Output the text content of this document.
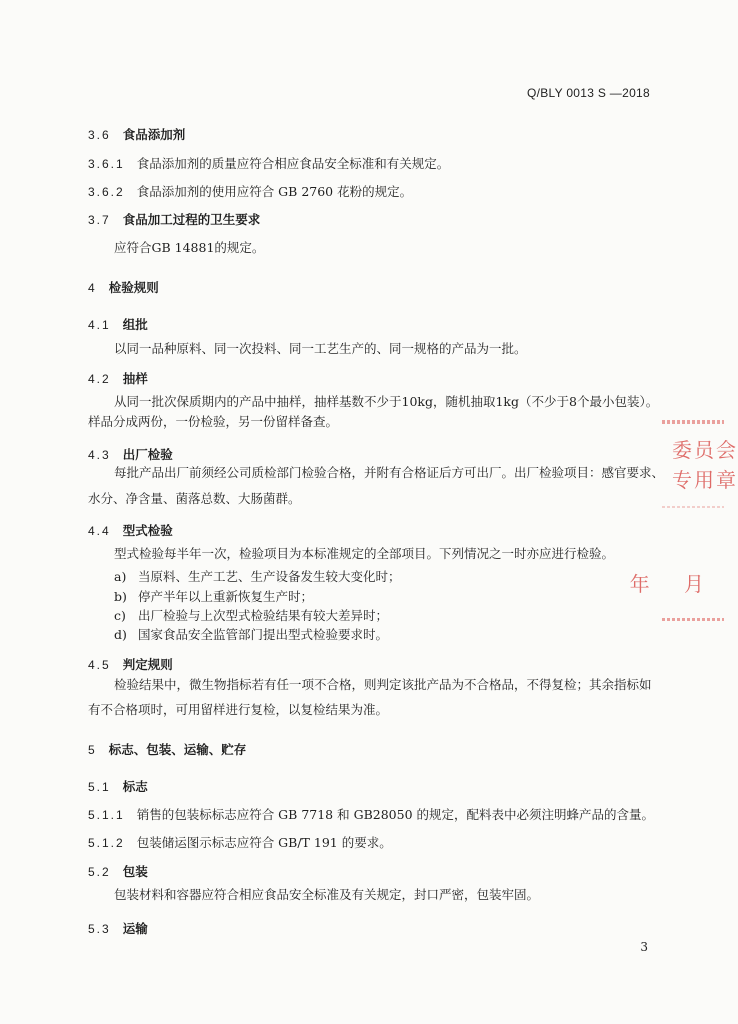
Q/BLY 0013 S —2018
3.6 食品添加剂
3.6.1 食品添加剂的质量应符合相应食品安全标准和有关规定。
3.6.2 食品添加剂的使用应符合 GB 2760 花粉的规定。
3.7 食品加工过程的卫生要求
应符合GB 14881的规定。
4 检验规则
4.1 组批
以同一品种原料、同一次投料、同一工艺生产的、同一规格的产品为一批。
4.2 抽样
从同一批次保质期内的产品中抽样，抽样基数不少于10kg，随机抽取1kg（不少于8个最小包装）。
样品分成两份，一份检验，另一份留样备查。
4.3 出厂检验
每批产品出厂前须经公司质检部门检验合格，并附有合格证后方可出厂。出厂检验项目：感官要求、
水分、净含量、菌落总数、大肠菌群。
4.4 型式检验
型式检验每半年一次，检验项目为本标准规定的全部项目。下列情况之一时亦应进行检验。
a) 当原料、生产工艺、生产设备发生较大变化时；
b) 停产半年以上重新恢复生产时；
c) 出厂检验与上次型式检验结果有较大差异时；
d) 国家食品安全监管部门提出型式检验要求时。
4.5 判定规则
检验结果中，微生物指标若有任一项不合格，则判定该批产品为不合格品，不得复检；其余指标如
有不合格项时，可用留样进行复检，以复检结果为准。
5 标志、包装、运输、贮存
5.1 标志
5.1.1 销售的包装标标志应符合 GB 7718 和 GB28050 的规定，配料表中必须注明蜂产品的含量。
5.1.2 包装储运图示标志应符合 GB/T 191 的要求。
5.2 包装
包装材料和容器应符合相应食品安全标准及有关规定，封口严密，包装牢固。
5.3 运输
3
委员会
专用章
年 月
